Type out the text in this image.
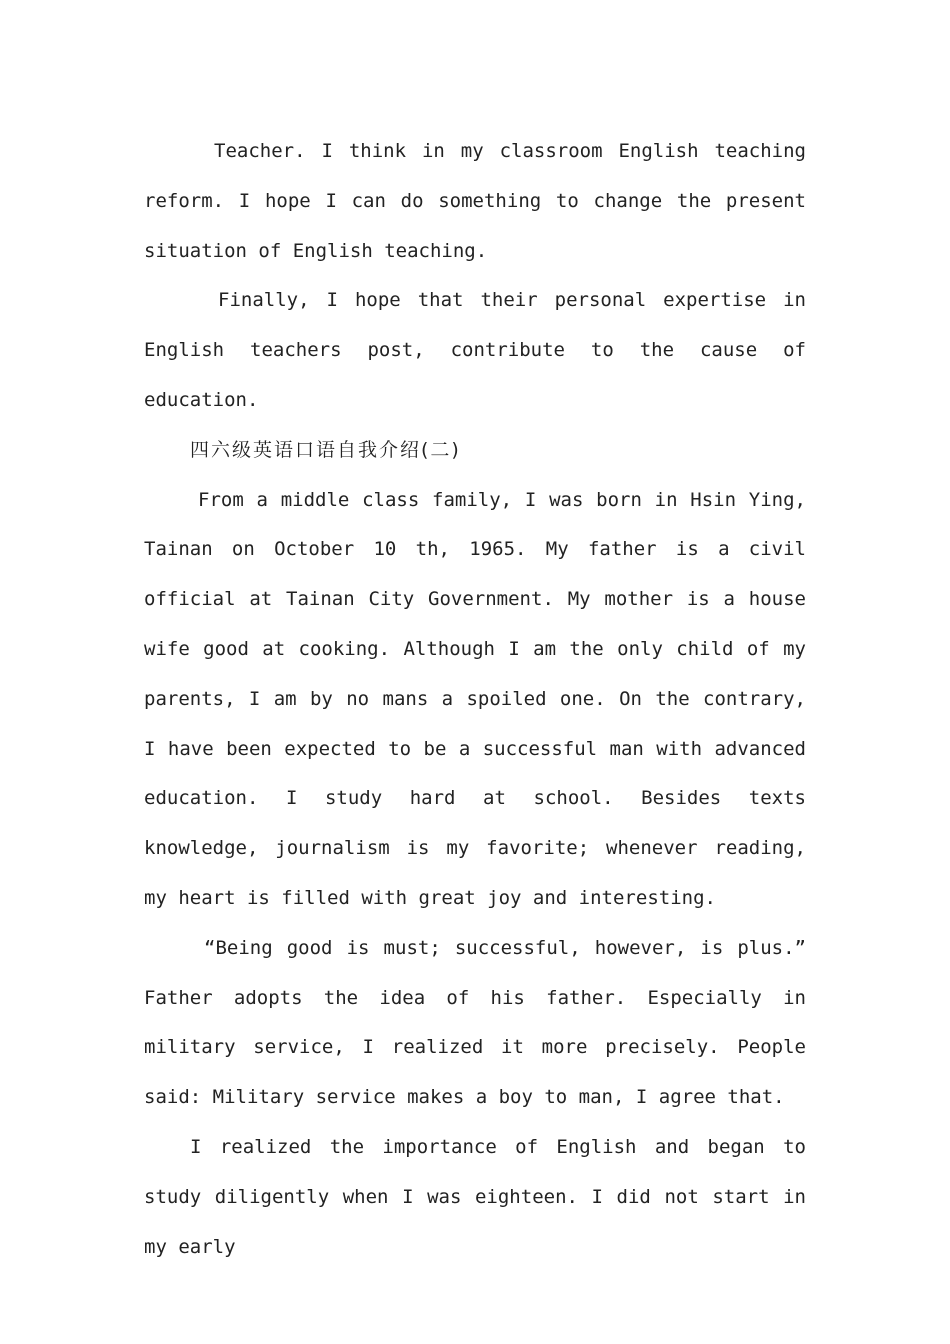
Teacher. I think in my classroom English teaching reform. I hope I can do something to change the present situation of English teaching.

Finally, I hope that their personal expertise in English teachers post, contribute to the cause of education.

四六级英语口语自我介绍(二)

From a middle class family, I was born in Hsin Ying, Tainan on October 10 th, 1965. My father is a civil official at Tainan City Government. My mother is a house wife good at cooking. Although I am the only child of my parents, I am by no mans a spoiled one. On the contrary, I have been expected to be a successful man with advanced education. I study hard at school. Besides texts knowledge, journalism is my favorite; whenever reading, my heart is filled with great joy and interesting.

“Being good is must; successful, however, is plus.” Father adopts the idea of his father. Especially in military service, I realized it more precisely. People said: Military service makes a boy to man, I agree that.

I realized the importance of English and began to study diligently when I was eighteen. I did not start in my early
